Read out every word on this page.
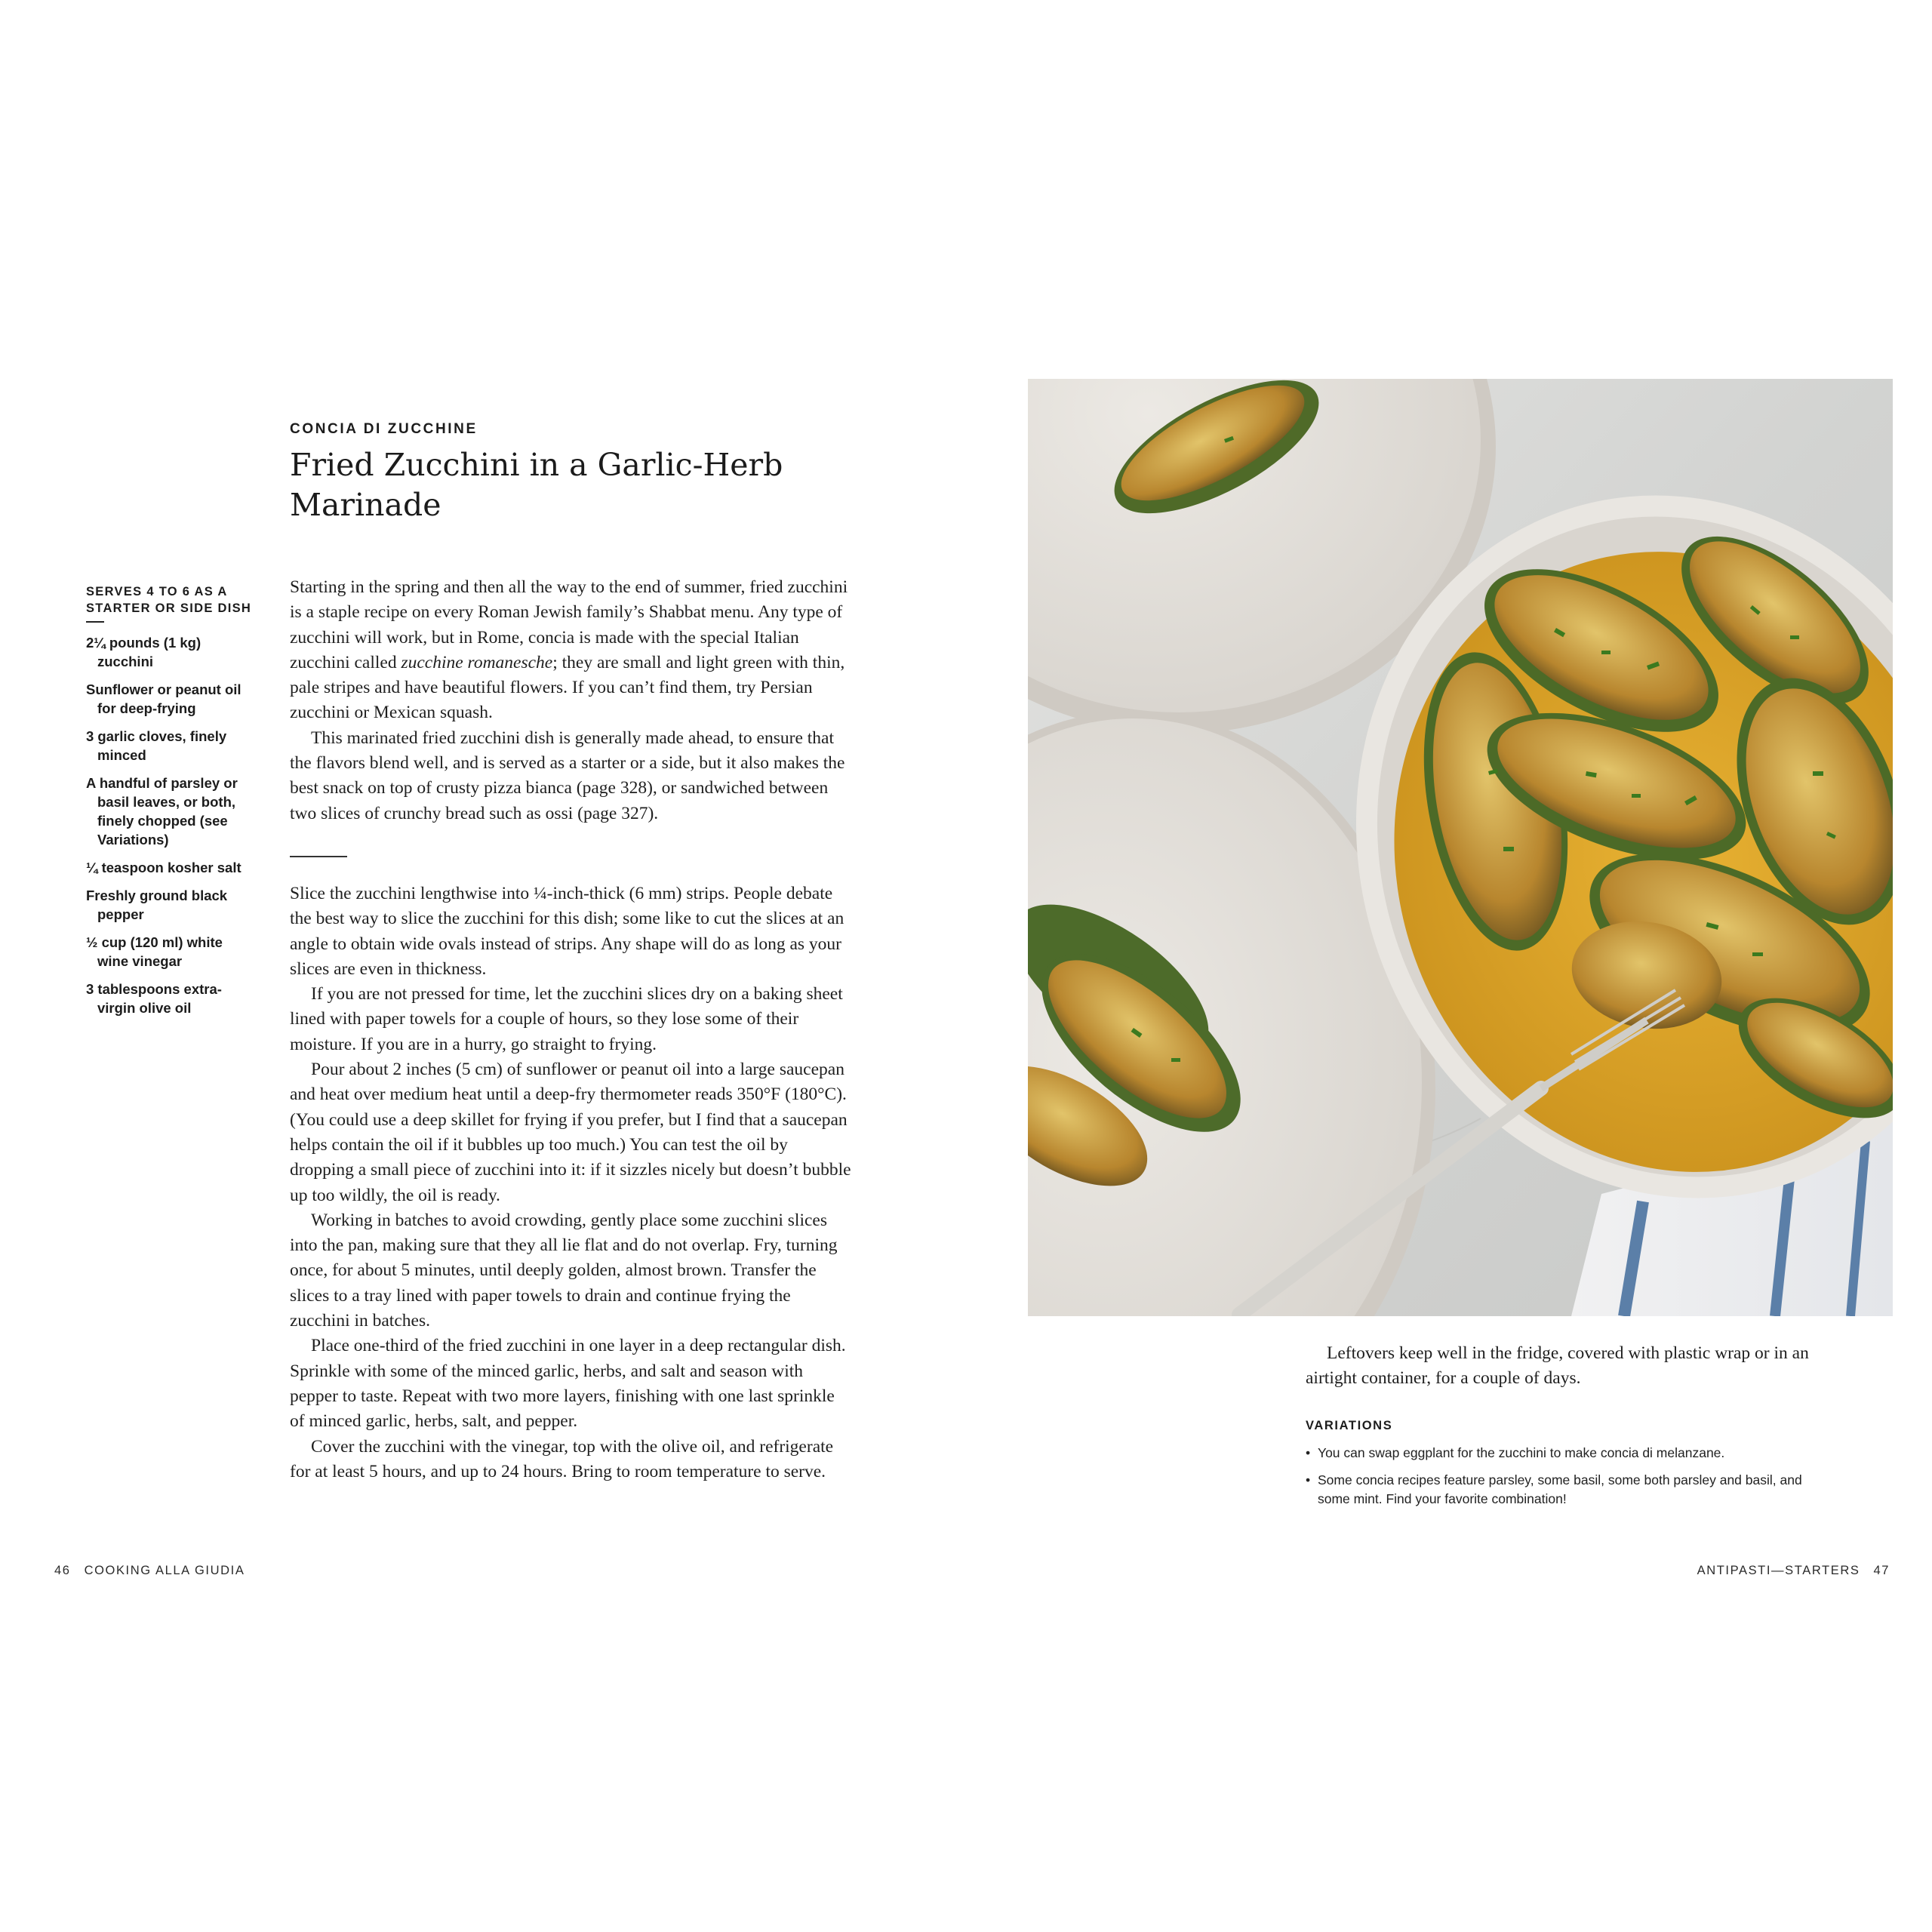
CONCIA DI ZUCCHINE
Fried Zucchini in a Garlic-Herb Marinade
SERVES 4 TO 6 AS A STARTER OR SIDE DISH
2¼ pounds (1 kg) zucchini
Sunflower or peanut oil for deep-frying
3 garlic cloves, finely minced
A handful of parsley or basil leaves, or both, finely chopped (see Variations)
¼ teaspoon kosher salt
Freshly ground black pepper
½ cup (120 ml) white wine vinegar
3 tablespoons extra-virgin olive oil

Starting in the spring and then all the way to the end of summer, fried zucchini is a staple recipe on every Roman Jewish family’s Shabbat menu. Any type of zucchini will work, but in Rome, concia is made with the special Italian zucchini called zucchine romanesche; they are small and light green with thin, pale stripes and have beautiful flowers. If you can’t find them, try Persian zucchini or Mexican squash.

This marinated fried zucchini dish is generally made ahead, to ensure that the flavors blend well, and is served as a starter or a side, but it also makes the best snack on top of crusty pizza bianca (page 328), or sandwiched between two slices of crunchy bread such as ossi (page 327).

Slice the zucchini lengthwise into ¼-inch-thick (6 mm) strips. People debate the best way to slice the zucchini for this dish; some like to cut the slices at an angle to obtain wide ovals instead of strips. Any shape will do as long as your slices are even in thickness.

If you are not pressed for time, let the zucchini slices dry on a baking sheet lined with paper towels for a couple of hours, so they lose some of their moisture. If you are in a hurry, go straight to frying.

Pour about 2 inches (5 cm) of sunflower or peanut oil into a large saucepan and heat over medium heat until a deep-fry thermometer reads 350°F (180°C). (You could use a deep skillet for frying if you prefer, but I find that a saucepan helps contain the oil if it bubbles up too much.) You can test the oil by dropping a small piece of zucchini into it: if it sizzles nicely but doesn’t bubble up too wildly, the oil is ready.

Working in batches to avoid crowding, gently place some zucchini slices into the pan, making sure that they all lie flat and do not overlap. Fry, turning once, for about 5 minutes, until deeply golden, almost brown. Transfer the slices to a tray lined with paper towels to drain and continue frying the zucchini in batches.

Place one-third of the fried zucchini in one layer in a deep rectangular dish. Sprinkle with some of the minced garlic, herbs, and salt and season with pepper to taste. Repeat with two more layers, finishing with one last sprinkle of minced garlic, herbs, salt, and pepper.

Cover the zucchini with the vinegar, top with the olive oil, and refrigerate for at least 5 hours, and up to 24 hours. Bring to room temperature to serve.

Leftovers keep well in the fridge, covered with plastic wrap or in an airtight container, for a couple of days.

VARIATIONS
• You can swap eggplant for the zucchini to make concia di melanzane.
• Some concia recipes feature parsley, some basil, some both parsley and basil, and some mint. Find your favorite combination!
46 COOKING ALLA GIUDIA	ANTIPASTI—STARTERS 47
